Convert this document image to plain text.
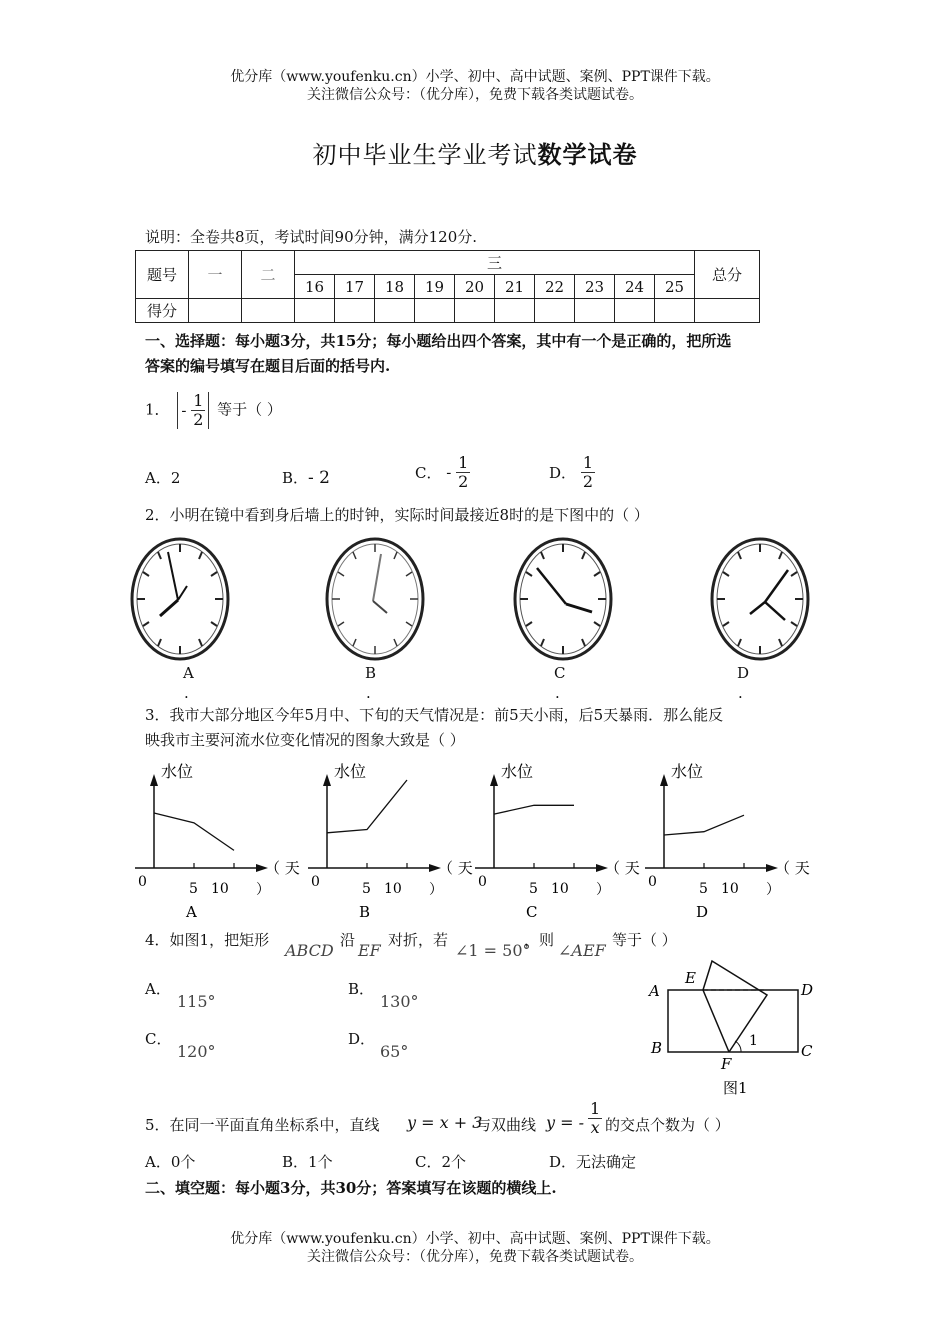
优分库（www.youfenku.cn）小学、初中、高中试题、案例、PPT课件下载。
关注微信公众号：（优分库），免费下载各类试题试卷。
初中毕业生学业考试数学试卷
说明：全卷共8页，考试时间90分钟，满分120分.
题号	一	二	三										总分
			16	17	18	19	20	21	22	23	24	25	
得分													
一、选择题：每小题3分，共15分；每小题给出四个答案，其中有一个是正确的，把所选
答案的编号填写在题目后面的括号内.
1． - $\frac{1}{2}$ 等于（ ）
A．2	B．- 2	C． - $\frac{1}{2}$	D． $\frac{1}{2}$
2．小明在镜中看到身后墙上的时钟，实际时间最接近8时的是下图中的（ ）
A	B	C	D
.	.	.	.
3．我市大部分地区今年5月中、下旬的天气情况是：前5天小雨，后5天暴雨．那么能反
映我市主要河流水位变化情况的图象大致是（ ）
水位
0	5 10
（ 天
）
A
水位
0	5 10
（ 天
）
B
水位
0	5 10
（ 天
）
C
水位
0	5 10
（ 天
）
D
4．如图1，把矩形
ABCD
沿
EF
对折，若
∠1 = 50°
，则
∠AEF
等于（ ）
A．
115°
B．
130°
C．
120°
D．
65°
A
E
D
B	C
F
1
图1
5．在同一平面直角坐标系中，直线 y = x + 3
与双曲线 y = - $\frac{1}{x}$ 的交点个数为（ ）
A．0个	B．1个	C．2个	D．无法确定
二、填空题：每小题3分，共30分；答案填写在该题的横线上.
优分库（www.youfenku.cn）小学、初中、高中试题、案例、PPT课件下载。
关注微信公众号：（优分库），免费下载各类试题试卷。
